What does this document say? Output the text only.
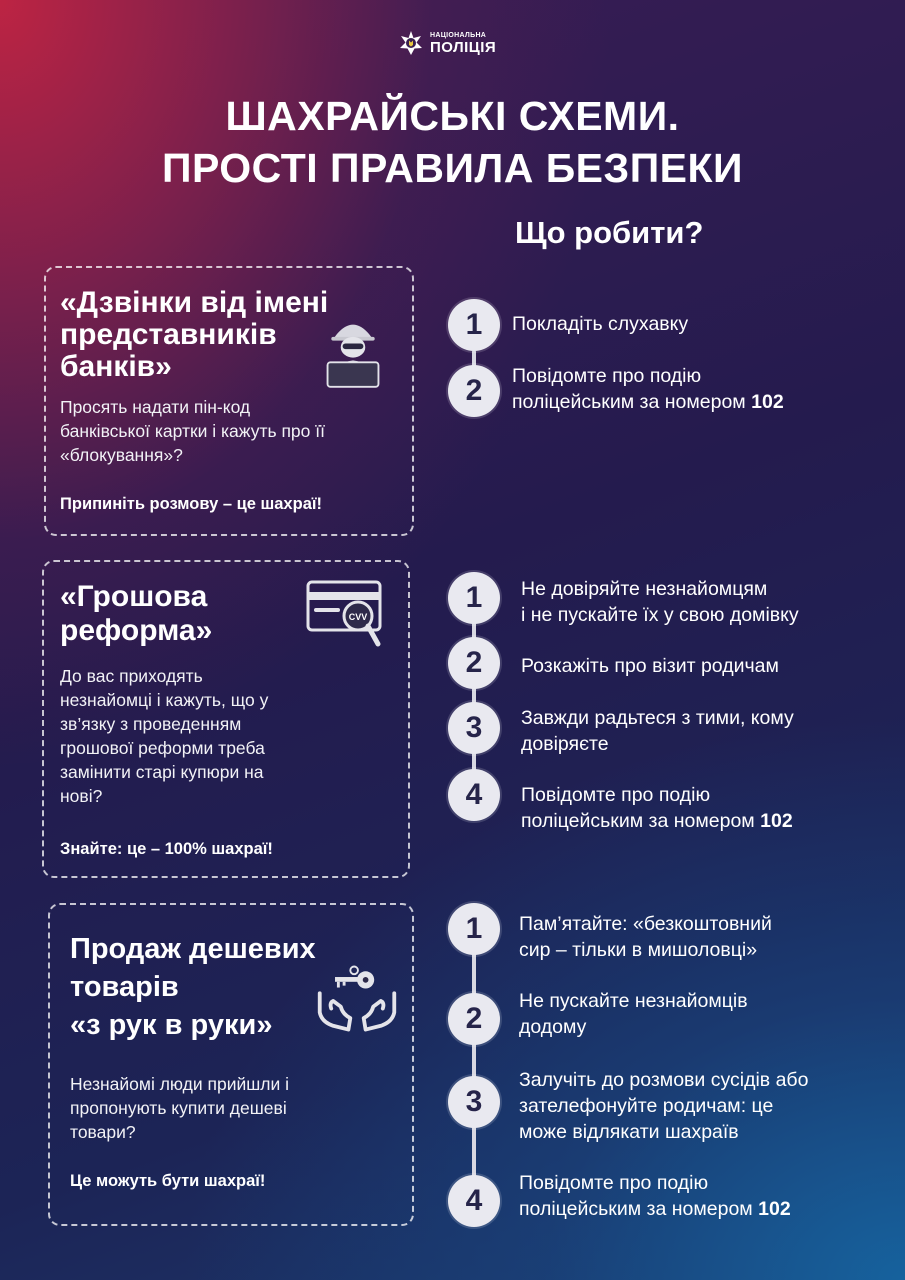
НАЦІОНАЛЬНА
ПОЛІЦІЯ
ШАХРАЙСЬКІ СХЕМИ.
ПРОСТІ ПРАВИЛА БЕЗПЕКИ
Що робити?
«Дзвінки від імені
представників
банків»
Просять надати пін-код
банківської картки і кажуть про її
«блокування»?
Припиніть розмову – це шахраї!
1	Покладіть слухавку
2	Повідомте про подію
поліцейським за номером 102
«Грошова
реформа»	CVV
До вас приходять
незнайомці і кажуть, що у
зв’язку з проведенням
грошової реформи треба
замінити старі купюри на
нові?
Знайте: це – 100% шахраї!
1	Не довіряйте незнайомцям
і не пускайте їх у свою домівку
2	Розкажіть про візит родичам
3	Завжди радьтеся з тими, кому
довіряєте
4	Повідомте про подію
поліцейським за номером 102
Продаж дешевих
товарів
«з рук в руки»
Незнайомі люди прийшли і
пропонують купити дешеві
товари?
Це можуть бути шахраї!
1	Пам’ятайте: «безкоштовний
сир – тільки в мишоловці»
2
Не пускайте незнайомців
додому
3
Залучіть до розмови сусідів або
зателефонуйте родичам: це
може відлякати шахраїв
4
Повідомте про подію
поліцейським за номером 102
